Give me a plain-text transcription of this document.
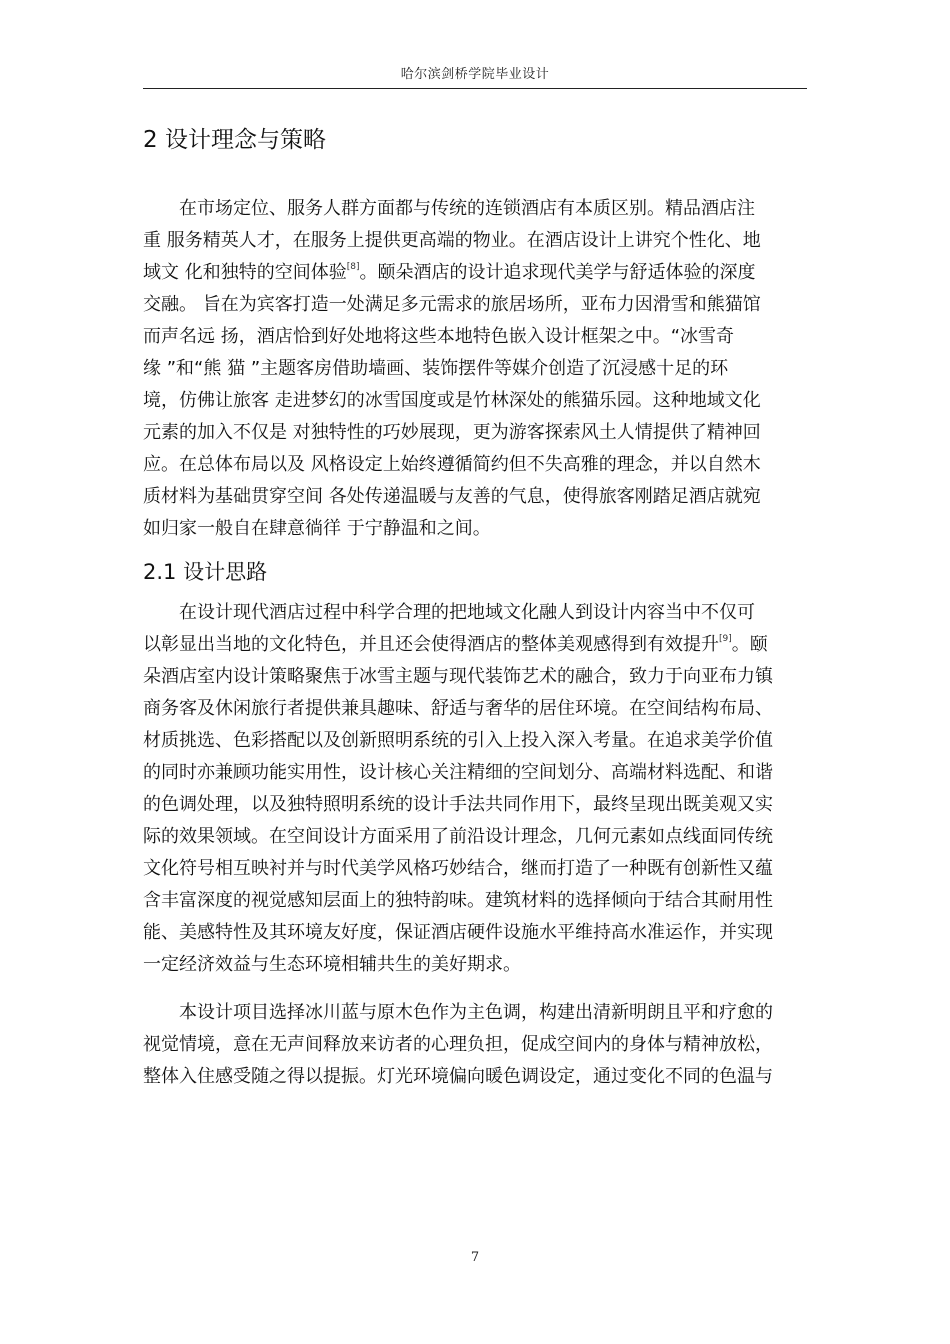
哈尔滨剑桥学院毕业设计
2 设计理念与策略
　　在市场定位、服务人群方面都与传统的连锁酒店有本质区别。精品酒店注
重 服务精英人才，在服务上提供更高端的物业。在酒店设计上讲究个性化、地
域文 化和独特的空间体验[8]。颐朵酒店的设计追求现代美学与舒适体验的深度
交融。 旨在为宾客打造一处满足多元需求的旅居场所，亚布力因滑雪和熊猫馆
而声名远 扬，酒店恰到好处地将这些本地特色嵌入设计框架之中。“冰雪奇
缘 ”和“熊 猫 ”主题客房借助墙画、装饰摆件等媒介创造了沉浸感十足的环
境，仿佛让旅客 走进梦幻的冰雪国度或是竹林深处的熊猫乐园。这种地域文化
元素的加入不仅是 对独特性的巧妙展现，更为游客探索风土人情提供了精神回
应。在总体布局以及 风格设定上始终遵循简约但不失高雅的理念，并以自然木
质材料为基础贯穿空间 各处传递温暖与友善的气息，使得旅客刚踏足酒店就宛
如归家一般自在肆意徜徉 于宁静温和之间。
2.1 设计思路
　　在设计现代酒店过程中科学合理的把地域文化融人到设计内容当中不仅可
以彰显出当地的文化特色，并且还会使得酒店的整体美观感得到有效提升[9]。颐
朵酒店室内设计策略聚焦于冰雪主题与现代装饰艺术的融合，致力于向亚布力镇
商务客及休闲旅行者提供兼具趣味、舒适与奢华的居住环境。在空间结构布局、
材质挑选、色彩搭配以及创新照明系统的引入上投入深入考量。在追求美学价值
的同时亦兼顾功能实用性，设计核心关注精细的空间划分、高端材料选配、和谐
的色调处理，以及独特照明系统的设计手法共同作用下，最终呈现出既美观又实
际的效果领域。在空间设计方面采用了前沿设计理念，几何元素如点线面同传统
文化符号相互映衬并与时代美学风格巧妙结合，继而打造了一种既有创新性又蕴
含丰富深度的视觉感知层面上的独特韵味。建筑材料的选择倾向于结合其耐用性
能、美感特性及其环境友好度，保证酒店硬件设施水平维持高水准运作，并实现
一定经济效益与生态环境相辅共生的美好期求。
　　本设计项目选择冰川蓝与原木色作为主色调，构建出清新明朗且平和疗愈的
视觉情境，意在无声间释放来访者的心理负担，促成空间内的身体与精神放松，
整体入住感受随之得以提振。灯光环境偏向暖色调设定，通过变化不同的色温与
7
